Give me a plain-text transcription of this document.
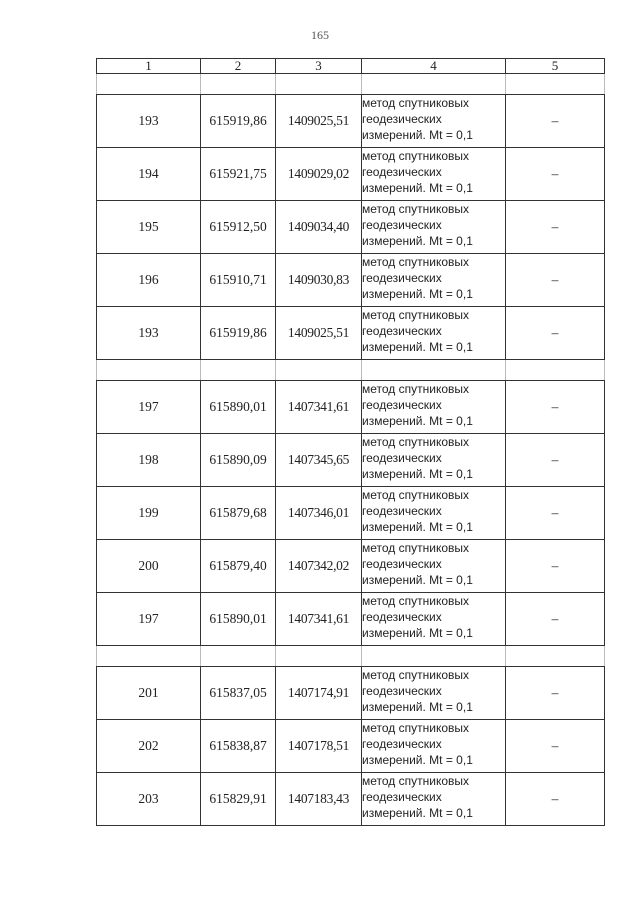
165
1	2	3	4	5

193	615919,86	1409025,51	метод спутниковых
геодезических
измерений. Mt = 0,1	–
194	615921,75	1409029,02	метод спутниковых
геодезических
измерений. Mt = 0,1	–
195	615912,50	1409034,40	метод спутниковых
геодезических
измерений. Mt = 0,1	–
196	615910,71	1409030,83	метод спутниковых
геодезических
измерений. Mt = 0,1	–
193	615919,86	1409025,51	метод спутниковых
геодезических
измерений. Mt = 0,1	–

197	615890,01	1407341,61	метод спутниковых
геодезических
измерений. Mt = 0,1	–
198	615890,09	1407345,65	метод спутниковых
геодезических
измерений. Mt = 0,1	–
199	615879,68	1407346,01	метод спутниковых
геодезических
измерений. Mt = 0,1	–
200	615879,40	1407342,02	метод спутниковых
геодезических
измерений. Mt = 0,1	–
197	615890,01	1407341,61	метод спутниковых
геодезических
измерений. Mt = 0,1	–

201	615837,05	1407174,91	метод спутниковых
геодезических
измерений. Mt = 0,1	–
202	615838,87	1407178,51	метод спутниковых
геодезических
измерений. Mt = 0,1	–
203	615829,91	1407183,43	метод спутниковых
геодезических
измерений. Mt = 0,1	–
